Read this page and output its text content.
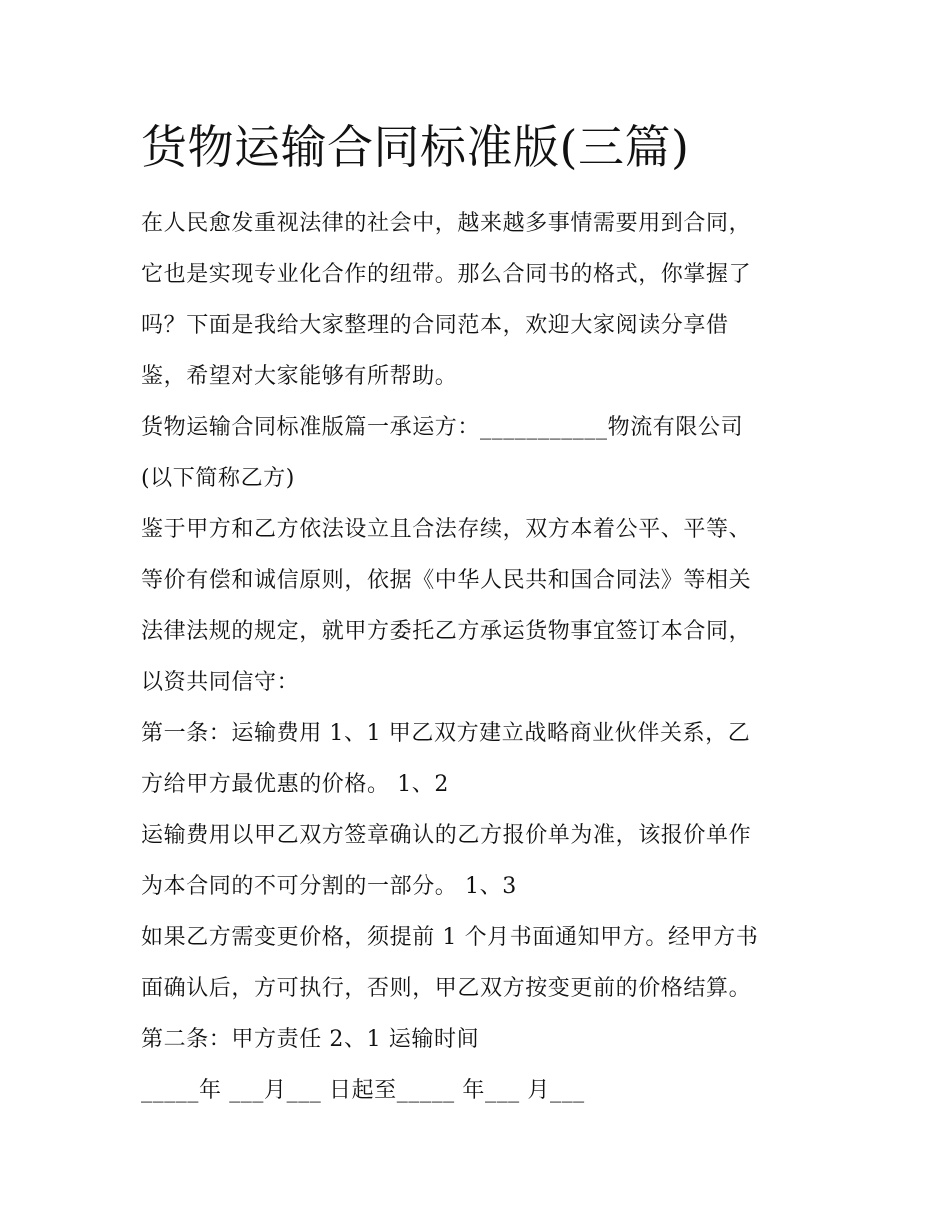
货物运输合同标准版(三篇)

在人民愈发重视法律的社会中，越来越多事情需要用到合同，

它也是实现专业化合作的纽带。那么合同书的格式，你掌握了

吗？下面是我给大家整理的合同范本，欢迎大家阅读分享借

鉴，希望对大家能够有所帮助。

货物运输合同标准版篇一承运方：___________物流有限公司

(以下简称乙方)

鉴于甲方和乙方依法设立且合法存续，双方本着公平、平等、

等价有偿和诚信原则，依据《中华人民共和国合同法》等相关

法律法规的规定，就甲方委托乙方承运货物事宜签订本合同，

以资共同信守：

第一条：运输费用 1、1 甲乙双方建立战略商业伙伴关系，乙

方给甲方最优惠的价格。 1、2

运输费用以甲乙双方签章确认的乙方报价单为准，该报价单作

为本合同的不可分割的一部分。 1、3

如果乙方需变更价格，须提前 1 个月书面通知甲方。经甲方书

面确认后，方可执行，否则，甲乙双方按变更前的价格结算。

第二条：甲方责任 2、1 运输时间

_____年 ___月___ 日起至_____ 年___ 月___
